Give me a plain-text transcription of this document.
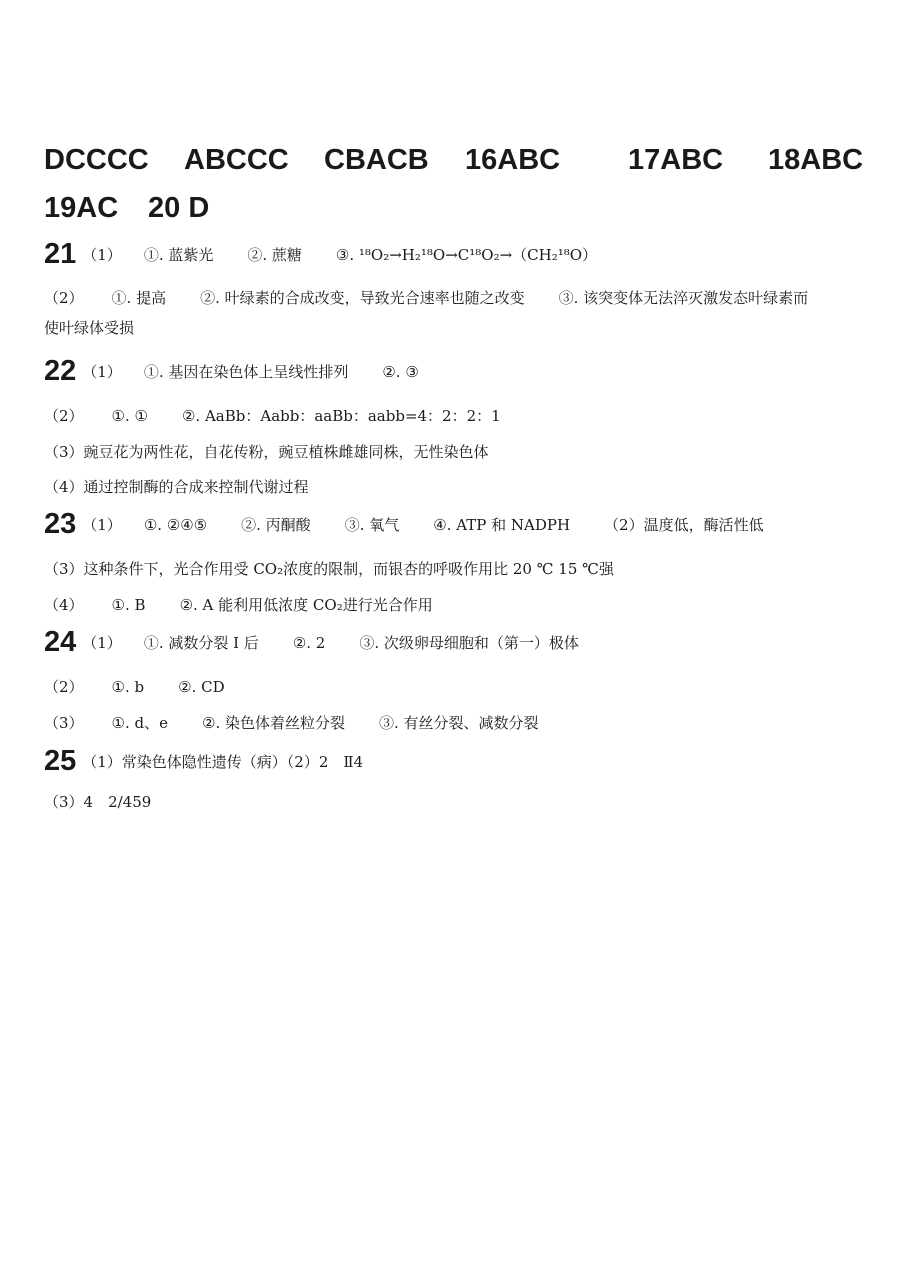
DCCCC ABCCC CBACB 16ABC 17ABC 18ABC
19AC 20 D
21 （1） ①. 蓝紫光 ②. 蔗糖 ③. ¹⁸O₂→H₂¹⁸O→C¹⁸O₂→（CH₂¹⁸O）
（2） ①. 提高 ②. 叶绿素的合成改变，导致光合速率也随之改变 ③. 该突变体无法淬灭激发态叶绿素而
使叶绿体受损
22 （1） ①. 基因在染色体上呈线性排列 ②. ③
（2） ①. ① ②. AaBb：Aabb：aaBb：aabb=4：2：2：1
（3）豌豆花为两性花，自花传粉，豌豆植株雌雄同株，无性染色体
（4）通过控制酶的合成来控制代谢过程
23 （1） ①. ②④⑤ ②. 丙酮酸 ③. 氧气 ④. ATP 和 NADPH （2）温度低，酶活性低
（3）这种条件下，光合作用受 CO₂浓度的限制，而银杏的呼吸作用比 20 ℃ 15 ℃强
（4） ①. B ②. A 能利用低浓度 CO₂进行光合作用
24 （1） ①. 减数分裂 I 后 ②. 2 ③. 次级卵母细胞和（第一）极体
（2） ①. b ②. CD
（3） ①. d、e ②. 染色体着丝粒分裂 ③. 有丝分裂、减数分裂
25 （1）常染色体隐性遗传（病）（2）2　Ⅱ4
（3）4　2/459
